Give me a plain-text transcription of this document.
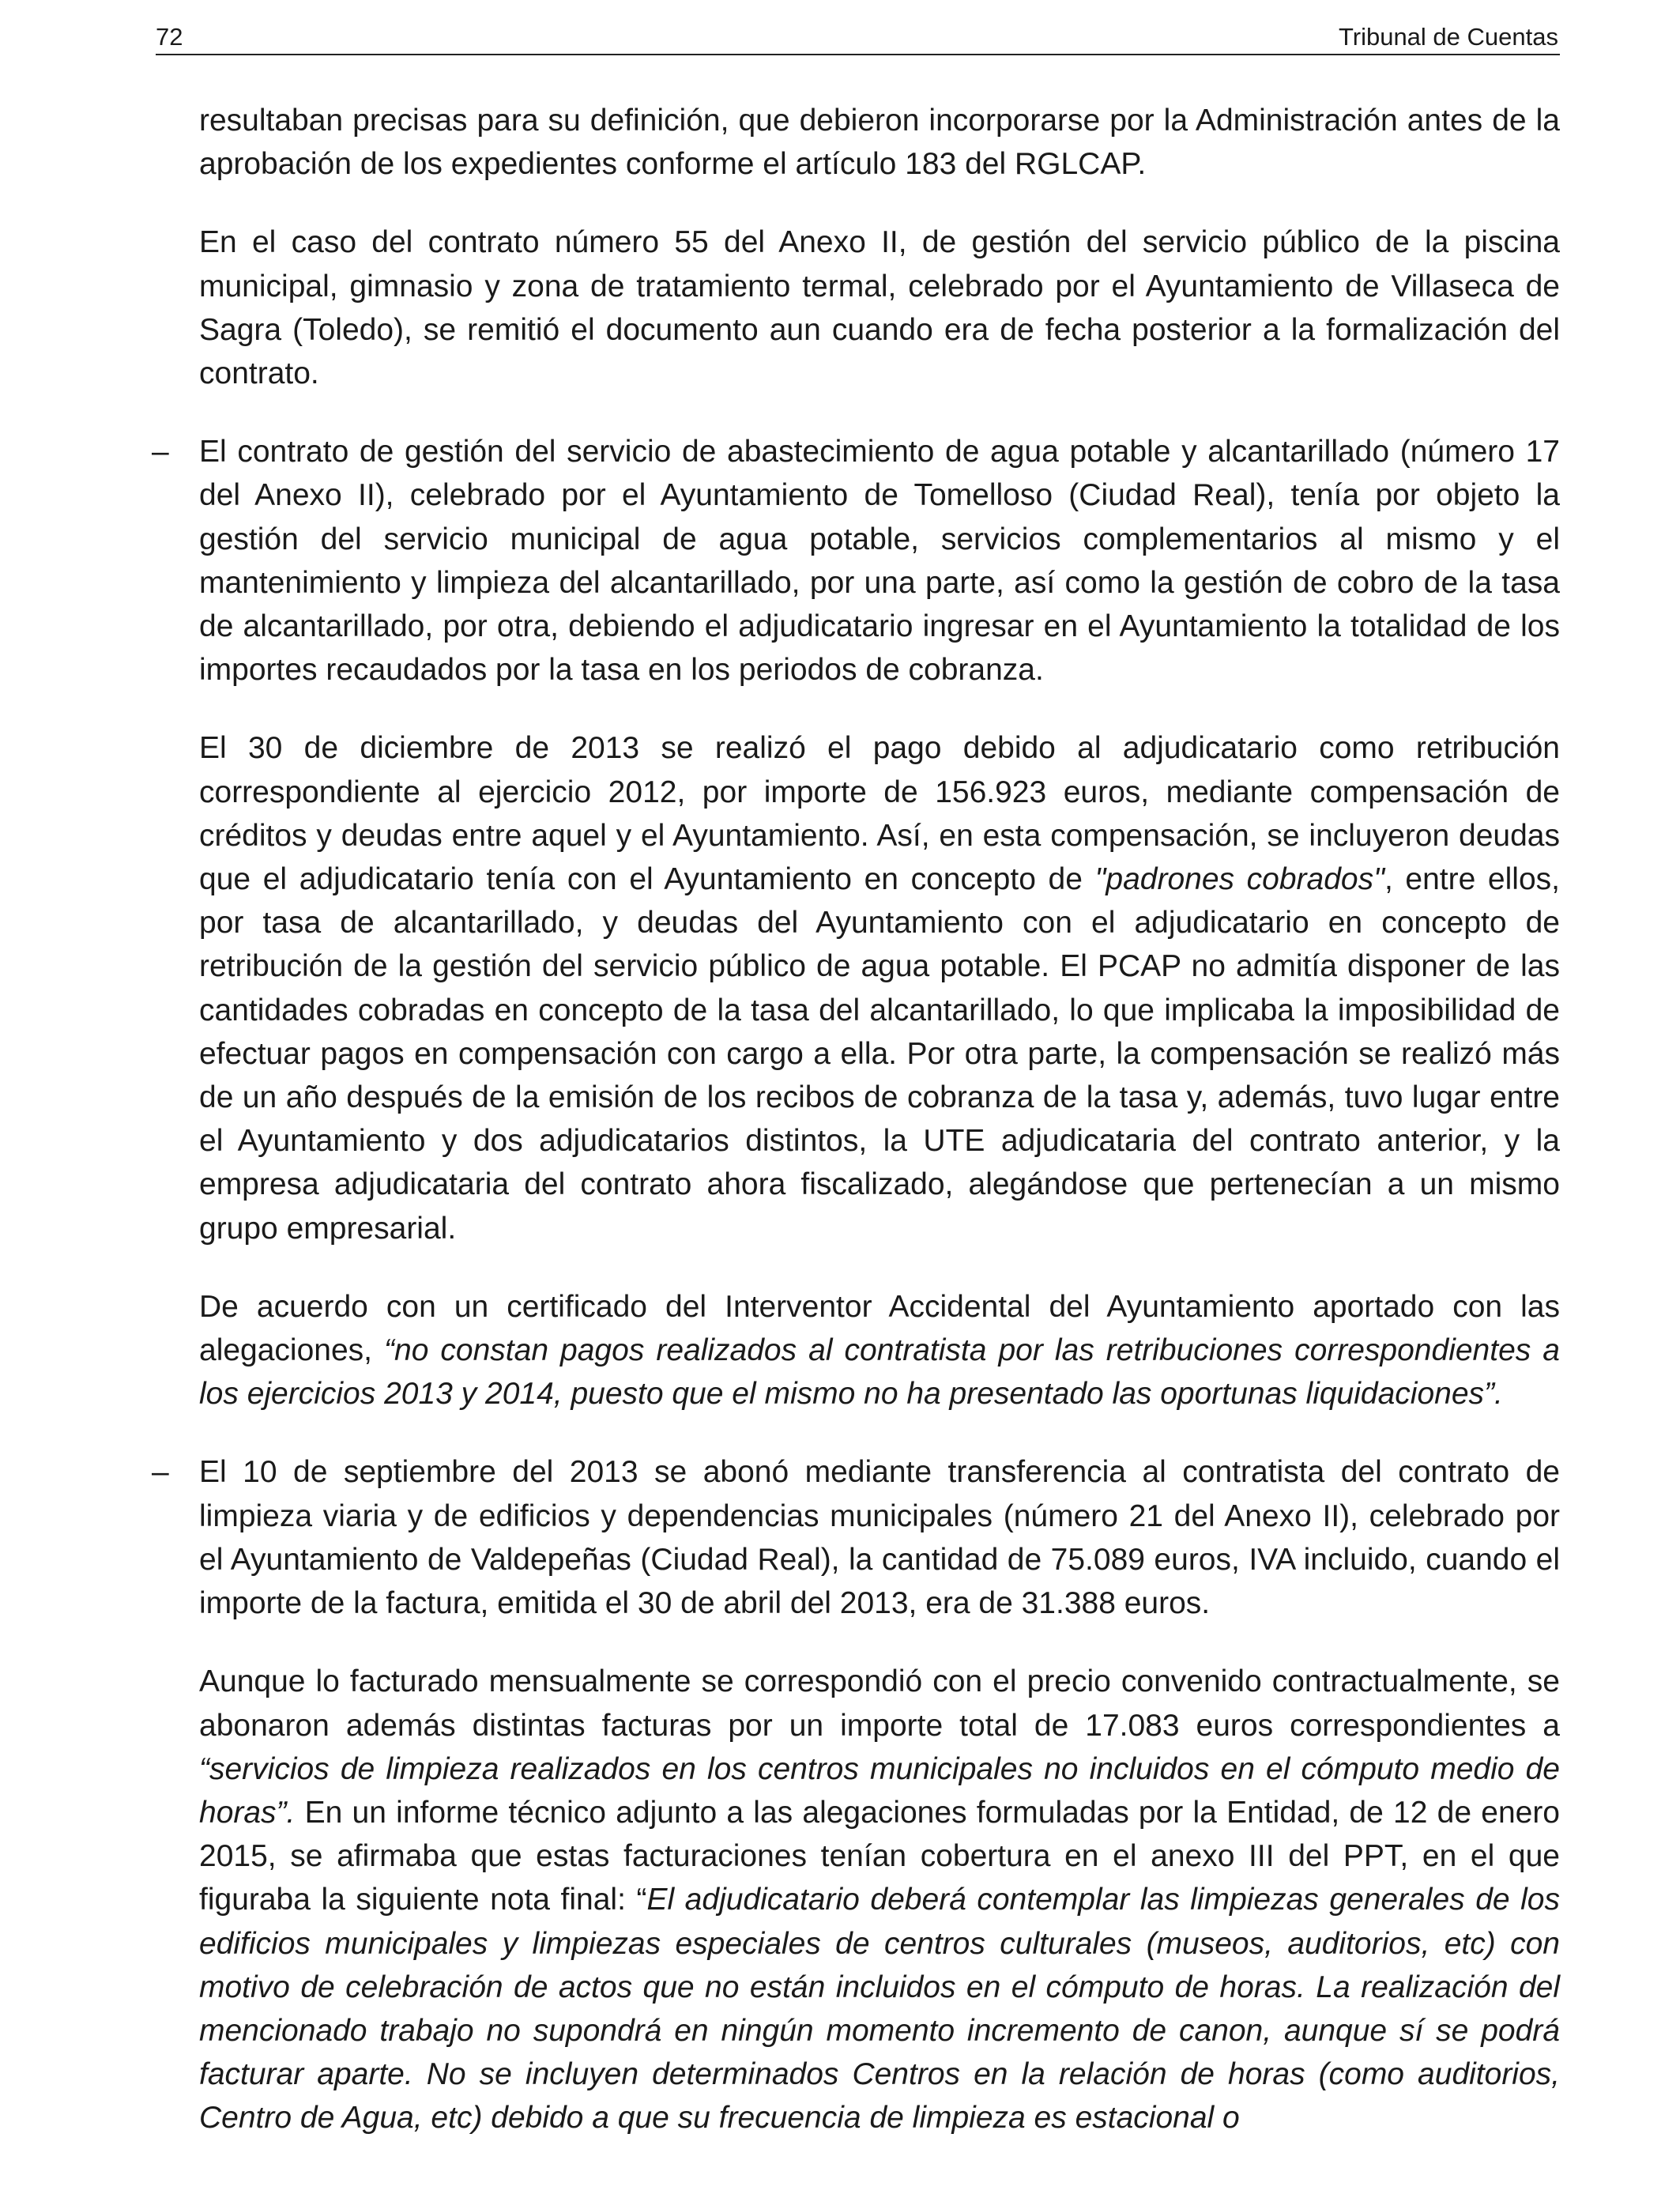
72	Tribunal de Cuentas

resultaban precisas para su definición, que debieron incorporarse por la Administración antes de la aprobación de los expedientes conforme el artículo 183 del RGLCAP.

En el caso del contrato número 55 del Anexo II, de gestión del servicio público de la piscina municipal, gimnasio y zona de tratamiento termal, celebrado por el Ayuntamiento de Villaseca de Sagra (Toledo), se remitió el documento aun cuando era de fecha posterior a la formalización del contrato.

– El contrato de gestión del servicio de abastecimiento de agua potable y alcantarillado (número 17 del Anexo II), celebrado por el Ayuntamiento de Tomelloso (Ciudad Real), tenía por objeto la gestión del servicio municipal de agua potable, servicios complementarios al mismo y el mantenimiento y limpieza del alcantarillado, por una parte, así como la gestión de cobro de la tasa de alcantarillado, por otra, debiendo el adjudicatario ingresar en el Ayuntamiento la totalidad de los importes recaudados por la tasa en los periodos de cobranza.

El 30 de diciembre de 2013 se realizó el pago debido al adjudicatario como retribución correspondiente al ejercicio 2012, por importe de 156.923 euros, mediante compensación de créditos y deudas entre aquel y el Ayuntamiento. Así, en esta compensación, se incluyeron deudas que el adjudicatario tenía con el Ayuntamiento en concepto de "padrones cobrados", entre ellos, por tasa de alcantarillado, y deudas del Ayuntamiento con el adjudicatario en concepto de retribución de la gestión del servicio público de agua potable. El PCAP no admitía disponer de las cantidades cobradas en concepto de la tasa del alcantarillado, lo que implicaba la imposibilidad de efectuar pagos en compensación con cargo a ella. Por otra parte, la compensación se realizó más de un año después de la emisión de los recibos de cobranza de la tasa y, además, tuvo lugar entre el Ayuntamiento y dos adjudicatarios distintos, la UTE adjudicataria del contrato anterior, y la empresa adjudicataria del contrato ahora fiscalizado, alegándose que pertenecían a un mismo grupo empresarial.

De acuerdo con un certificado del Interventor Accidental del Ayuntamiento aportado con las alegaciones, “no constan pagos realizados al contratista por las retribuciones correspondientes a los ejercicios 2013 y 2014, puesto que el mismo no ha presentado las oportunas liquidaciones”.

– El 10 de septiembre del 2013 se abonó mediante transferencia al contratista del contrato de limpieza viaria y de edificios y dependencias municipales (número 21 del Anexo II), celebrado por el Ayuntamiento de Valdepeñas (Ciudad Real), la cantidad de 75.089 euros, IVA incluido, cuando el importe de la factura, emitida el 30 de abril del 2013, era de 31.388 euros.

Aunque lo facturado mensualmente se correspondió con el precio convenido contractualmente, se abonaron además distintas facturas por un importe total de 17.083 euros correspondientes a “servicios de limpieza realizados en los centros municipales no incluidos en el cómputo medio de horas”. En un informe técnico adjunto a las alegaciones formuladas por la Entidad, de 12 de enero 2015, se afirmaba que estas facturaciones tenían cobertura en el anexo III del PPT, en el que figuraba la siguiente nota final: “El adjudicatario deberá contemplar las limpiezas generales de los edificios municipales y limpiezas especiales de centros culturales (museos, auditorios, etc) con motivo de celebración de actos que no están incluidos en el cómputo de horas. La realización del mencionado trabajo no supondrá en ningún momento incremento de canon, aunque sí se podrá facturar aparte. No se incluyen determinados Centros en la relación de horas (como auditorios, Centro de Agua, etc) debido a que su frecuencia de limpieza es estacional o
